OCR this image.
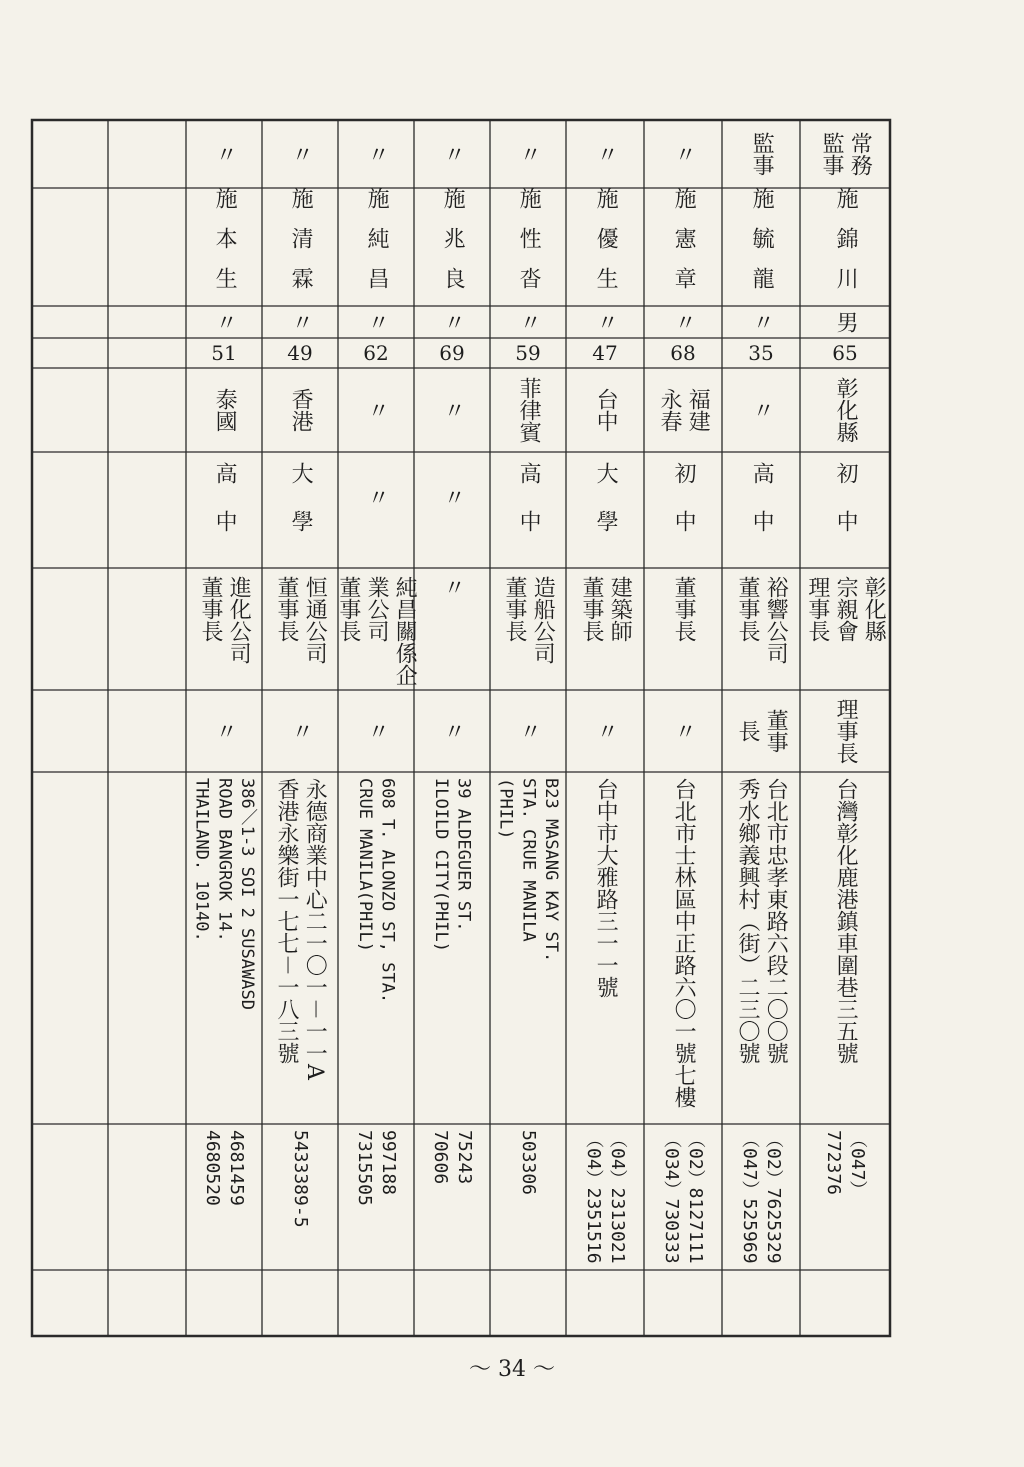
常務
監事
施錦川
男
65
彰化縣
初中
彰化縣
宗親會
理事長
理事長
台灣彰化鹿港鎮車圍巷三五號
（047）
772376
監事
施毓龍
〃
35
〃
高中
裕響公司
董事長
董事
長
台北市忠孝東路六段二〇〇號
秀水鄉義興村（街）二三〇號
（02）7625329
（047）525969
〃
施憲章
〃
68
福建
永春
初中
董事長
〃
台北市士林區中正路六〇一號七樓
（02）8127111
（034）730333
〃
施優生
〃
47
台中
大學
建築師
董事長
〃
台中市大雅路三一一號
（04）2313021
（04）2351516
〃
施性沓
〃
59
菲律賓
高中
造船公司
董事長
〃
B23 MASANG KAY ST.
STA. CRUE MANILA
(PHIL)
503306
〃
施兆良
〃
69
〃
〃
〃
〃
39 ALDEGUER ST.
ILOILD CITY(PHIL)
75243
70606
〃
施純昌
〃
62
〃
〃
純昌關係企
業公司
董事長
〃
608 T. ALONZO ST, STA.
CRUE MANILA(PHIL)
997188
7315505
〃
施清霖
〃
49
香港
大學
恒通公司
董事長
〃
永德商業中心二一〇一－一一A
香港永樂街一七七－一八三號
5433389-5
〃
施本生
〃
51
泰國
高中
進化公司
董事長
〃
386／1-3 SOI 2 SUSAWASD
ROAD BANGROK 14.
THAILAND. 10140.
4681459
4680520
～ 34 ～
